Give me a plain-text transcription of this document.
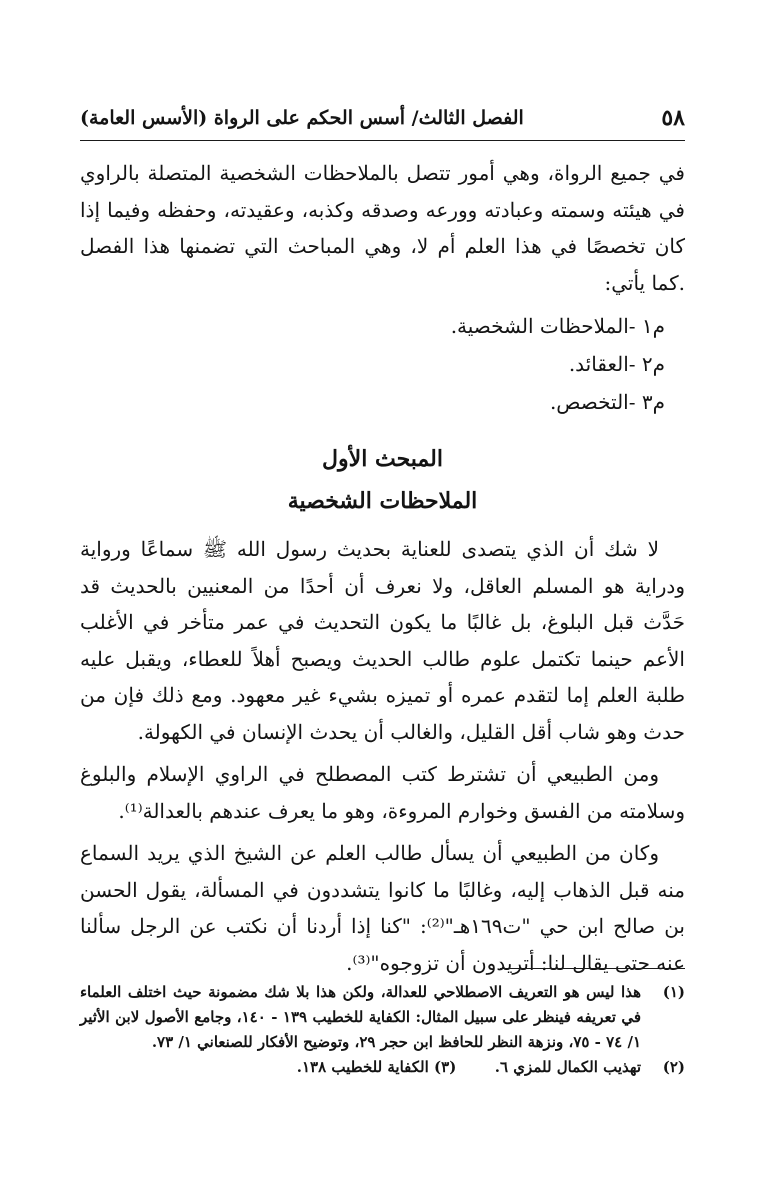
٥٨
الفصل الثالث/ أسس الحكم على الرواة (الأسس العامة)

في جميع الرواة، وهي أمور تتصل بالملاحظات الشخصية المتصلة بالراوي في هيئته وسمته وعبادته وورعه وصدقه وكذبه، وعقيدته، وحفظه وفيما إذا كان تخصصًا في هذا العلم أم لا، وهي المباحث التي تضمنها هذا الفصل .كما يأتي:

م١ -الملاحظات الشخصية.
م٢ -العقائد.
م٣ -التخصص.
المبحث الأول
الملاحظات الشخصية

لا شك أن الذي يتصدى للعناية بحديث رسول الله ﷺ سماعًا ورواية ودراية هو المسلم العاقل، ولا نعرف أن أحدًا من المعنيين بالحديث قد حَدَّث قبل البلوغ، بل غالبًا ما يكون التحديث في عمر متأخر في الأغلب الأعم حينما تكتمل علوم طالب الحديث ويصبح أهلاً للعطاء، ويقبل عليه طلبة العلم إما لتقدم عمره أو تميزه بشيء غير معهود. ومع ذلك فإن من حدث وهو شاب أقل القليل، والغالب أن يحدث الإنسان في الكهولة.

ومن الطبيعي أن تشترط كتب المصطلح في الراوي الإسلام والبلوغ وسلامته من الفسق وخوارم المروءة، وهو ما يعرف عندهم بالعدالة⁽¹⁾.

وكان من الطبيعي أن يسأل طالب العلم عن الشيخ الذي يريد السماع منه قبل الذهاب إليه، وغالبًا ما كانوا يتشددون في المسألة، يقول الحسن بن صالح ابن حي "ت١٦٩هـ"⁽²⁾: "كنا إذا أردنا أن نكتب عن الرجل سألنا عنه حتى يقال لنا: أتريدون أن تزوجوه"⁽³⁾.

(١)
هذا ليس هو التعريف الاصطلاحي للعدالة، ولكن هذا بلا شك مضمونة حيث اختلف العلماء في تعريفه فينظر على سبيل المثال: الكفاية للخطيب ١٣٩ - ١٤٠، وجامع الأصول لابن الأثير ١/ ٧٤ - ٧٥، ونزهة النظر للحافظ ابن حجر ٢٩، وتوضيح الأفكار للصنعاني ١/ ٧٣.
(٢)
تهذيب الكمال للمزي ٦.  (٣) الكفاية للخطيب ١٣٨.
